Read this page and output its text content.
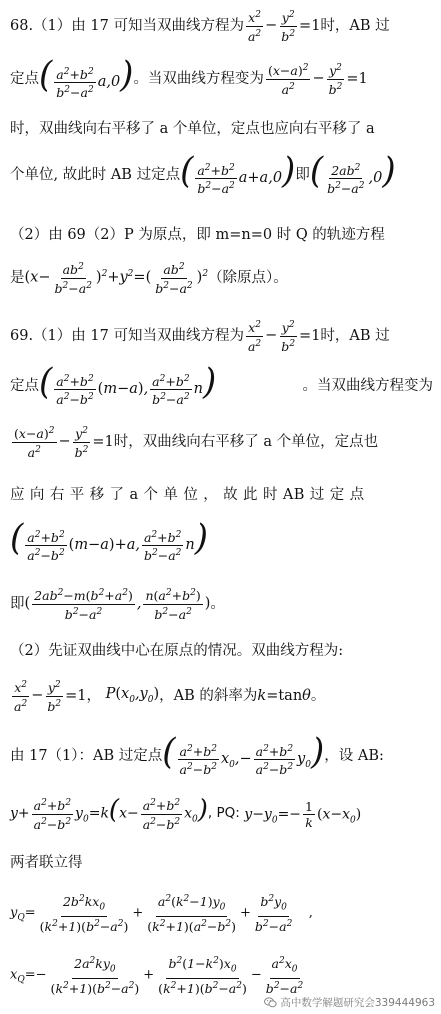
68.（1）由 17 可知当双曲线方程为 $\frac{x^2}{a^2} - \frac{y^2}{b^2} =1$时，AB 过
定点 ( $\frac{a^2+b^2}{b^2-a^2} a,0$) 。当双曲线方程变为 $\frac{(x-a)^2}{a^2} - \frac{y^2}{b^2} =1$
时，双曲线向右平移了 a 个单位，定点也应向右平移了 a
个单位, 故此时 AB 过定点 ( $\frac{a^2+b^2}{b^2-a^2} a+a,0$) 即 ( $\frac{2ab^2}{b^2-a^2} ,0$)
（2）由 69（2）P 为原点，即 m=n=0 时 Q 的轨迹方程
是 $(x- \frac{ab^2}{b^2-a^2} )^2+y^2=( \frac{ab^2}{b^2-a^2} )^2$ （除原点）。
69.（1）由 17 可知当双曲线方程为 $\frac{x^2}{a^2} - \frac{y^2}{b^2} =1$时，AB 过
定点 ( $\frac{a^2+b^2}{a^2-b^2} (m-a)$, $\frac{a^2+b^2}{b^2-a^2} n$)	。当双曲线方程变为
$\frac{(x-a)^2}{a^2} - \frac{y^2}{b^2} =1$时，双曲线向右平移了 a 个单位，定点也
应 向 右 平 移 了 a 个 单 位 ， 故 此 时 AB 过 定 点
( $\frac{a^2+b^2}{a^2-b^2} (m-a)+a$, $\frac{a^2+b^2}{b^2-a^2} n$)
即 ( $\frac{2ab^2-m(b^2+a^2)}{b^2-a^2}$ , $\frac{n(a^2+b^2)}{b^2-a^2}$ ) 。
（2）先证双曲线中心在原点的情况。双曲线方程为:
$\frac{x^2}{a^2} - \frac{y^2}{b^2} =1$， $P(x_0,y_0)$ ，AB 的斜率为 k=tanθ 。
由 17（1）：AB 过定点 ( $\frac{a^2+b^2}{a^2-b^2} x_0,- \frac{a^2+b^2}{a^2-b^2} y_0$) ，设 AB:
$y+ \frac{a^2+b^2}{a^2-b^2} y_0=k(x- \frac{a^2+b^2}{a^2-b^2} x_0)$ , PQ: $y-y_0=- \frac{1}{k} (x-x_0)$
两者联立得
$y_Q= \frac{2b^2kx_0}{(k^2+1)(b^2-a^2)} + \frac{a^2(k^2-1)y_0}{(k^2+1)(a^2-b^2)} + \frac{b^2y_0}{b^2-a^2}$ ,
$x_Q=- \frac{2a^2ky_0}{(k^2+1)(b^2-a^2)} + \frac{b^2(1-k^2)x_0}{(k^2+1)(b^2-a^2)} - \frac{a^2x_0}{b^2-a^2}$
高中数学解题研究会339444963
